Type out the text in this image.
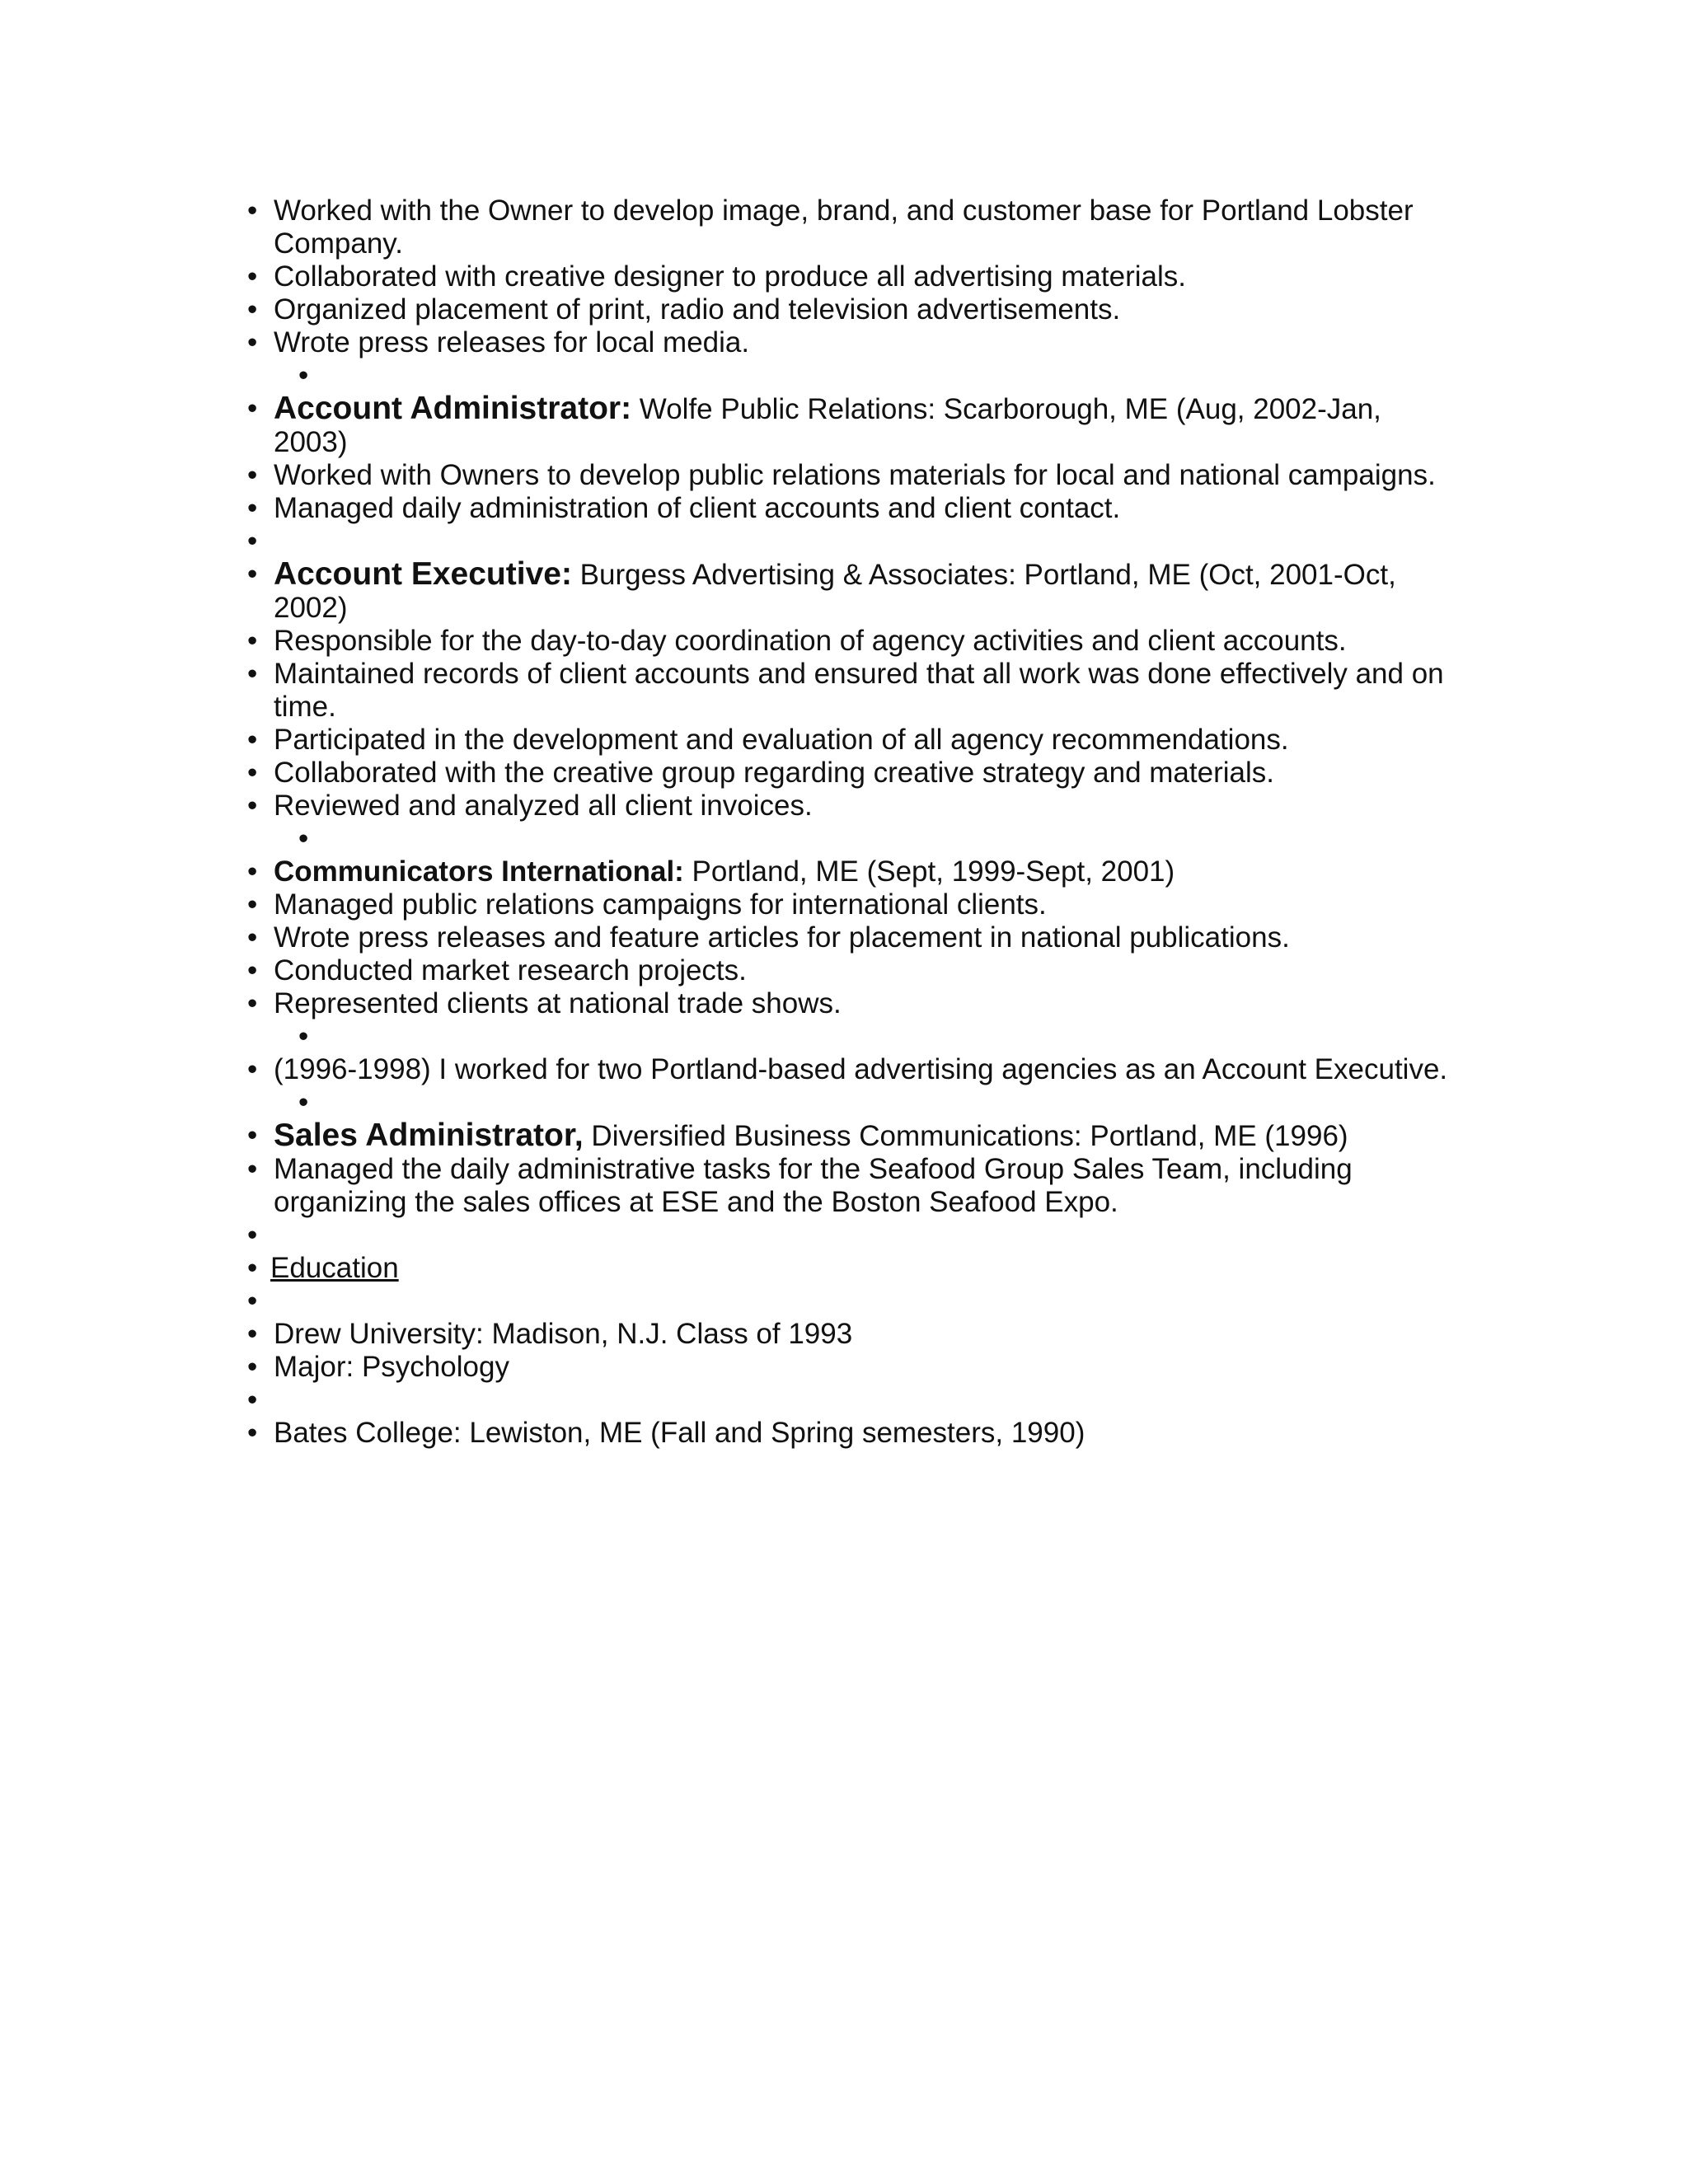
• Worked with the Owner to develop image, brand, and customer base for Portland Lobster Company.
• Collaborated with creative designer to produce all advertising materials.
• Organized placement of print, radio and television advertisements.
• Wrote press releases for local media.
•
• Account Administrator: Wolfe Public Relations: Scarborough, ME (Aug, 2002-Jan, 2003)
• Worked with Owners to develop public relations materials for local and national campaigns.
• Managed daily administration of client accounts and client contact.
•
• Account Executive: Burgess Advertising & Associates: Portland, ME (Oct, 2001-Oct, 2002)
• Responsible for the day-to-day coordination of agency activities and client accounts.
• Maintained records of client accounts and ensured that all work was done effectively and on time.
• Participated in the development and evaluation of all agency recommendations.
• Collaborated with the creative group regarding creative strategy and materials.
• Reviewed and analyzed all client invoices.
•
• Communicators International: Portland, ME (Sept, 1999-Sept, 2001)
• Managed public relations campaigns for international clients.
• Wrote press releases and feature articles for placement in national publications.
• Conducted market research projects.
• Represented clients at national trade shows.
•
• (1996-1998) I worked for two Portland-based advertising agencies as an Account Executive.
•
• Sales Administrator, Diversified Business Communications: Portland, ME (1996)
• Managed the daily administrative tasks for the Seafood Group Sales Team, including organizing the sales offices at ESE and the Boston Seafood Expo.
•
• Education
•
• Drew University: Madison, N.J. Class of 1993
• Major: Psychology
•
• Bates College: Lewiston, ME (Fall and Spring semesters, 1990)
